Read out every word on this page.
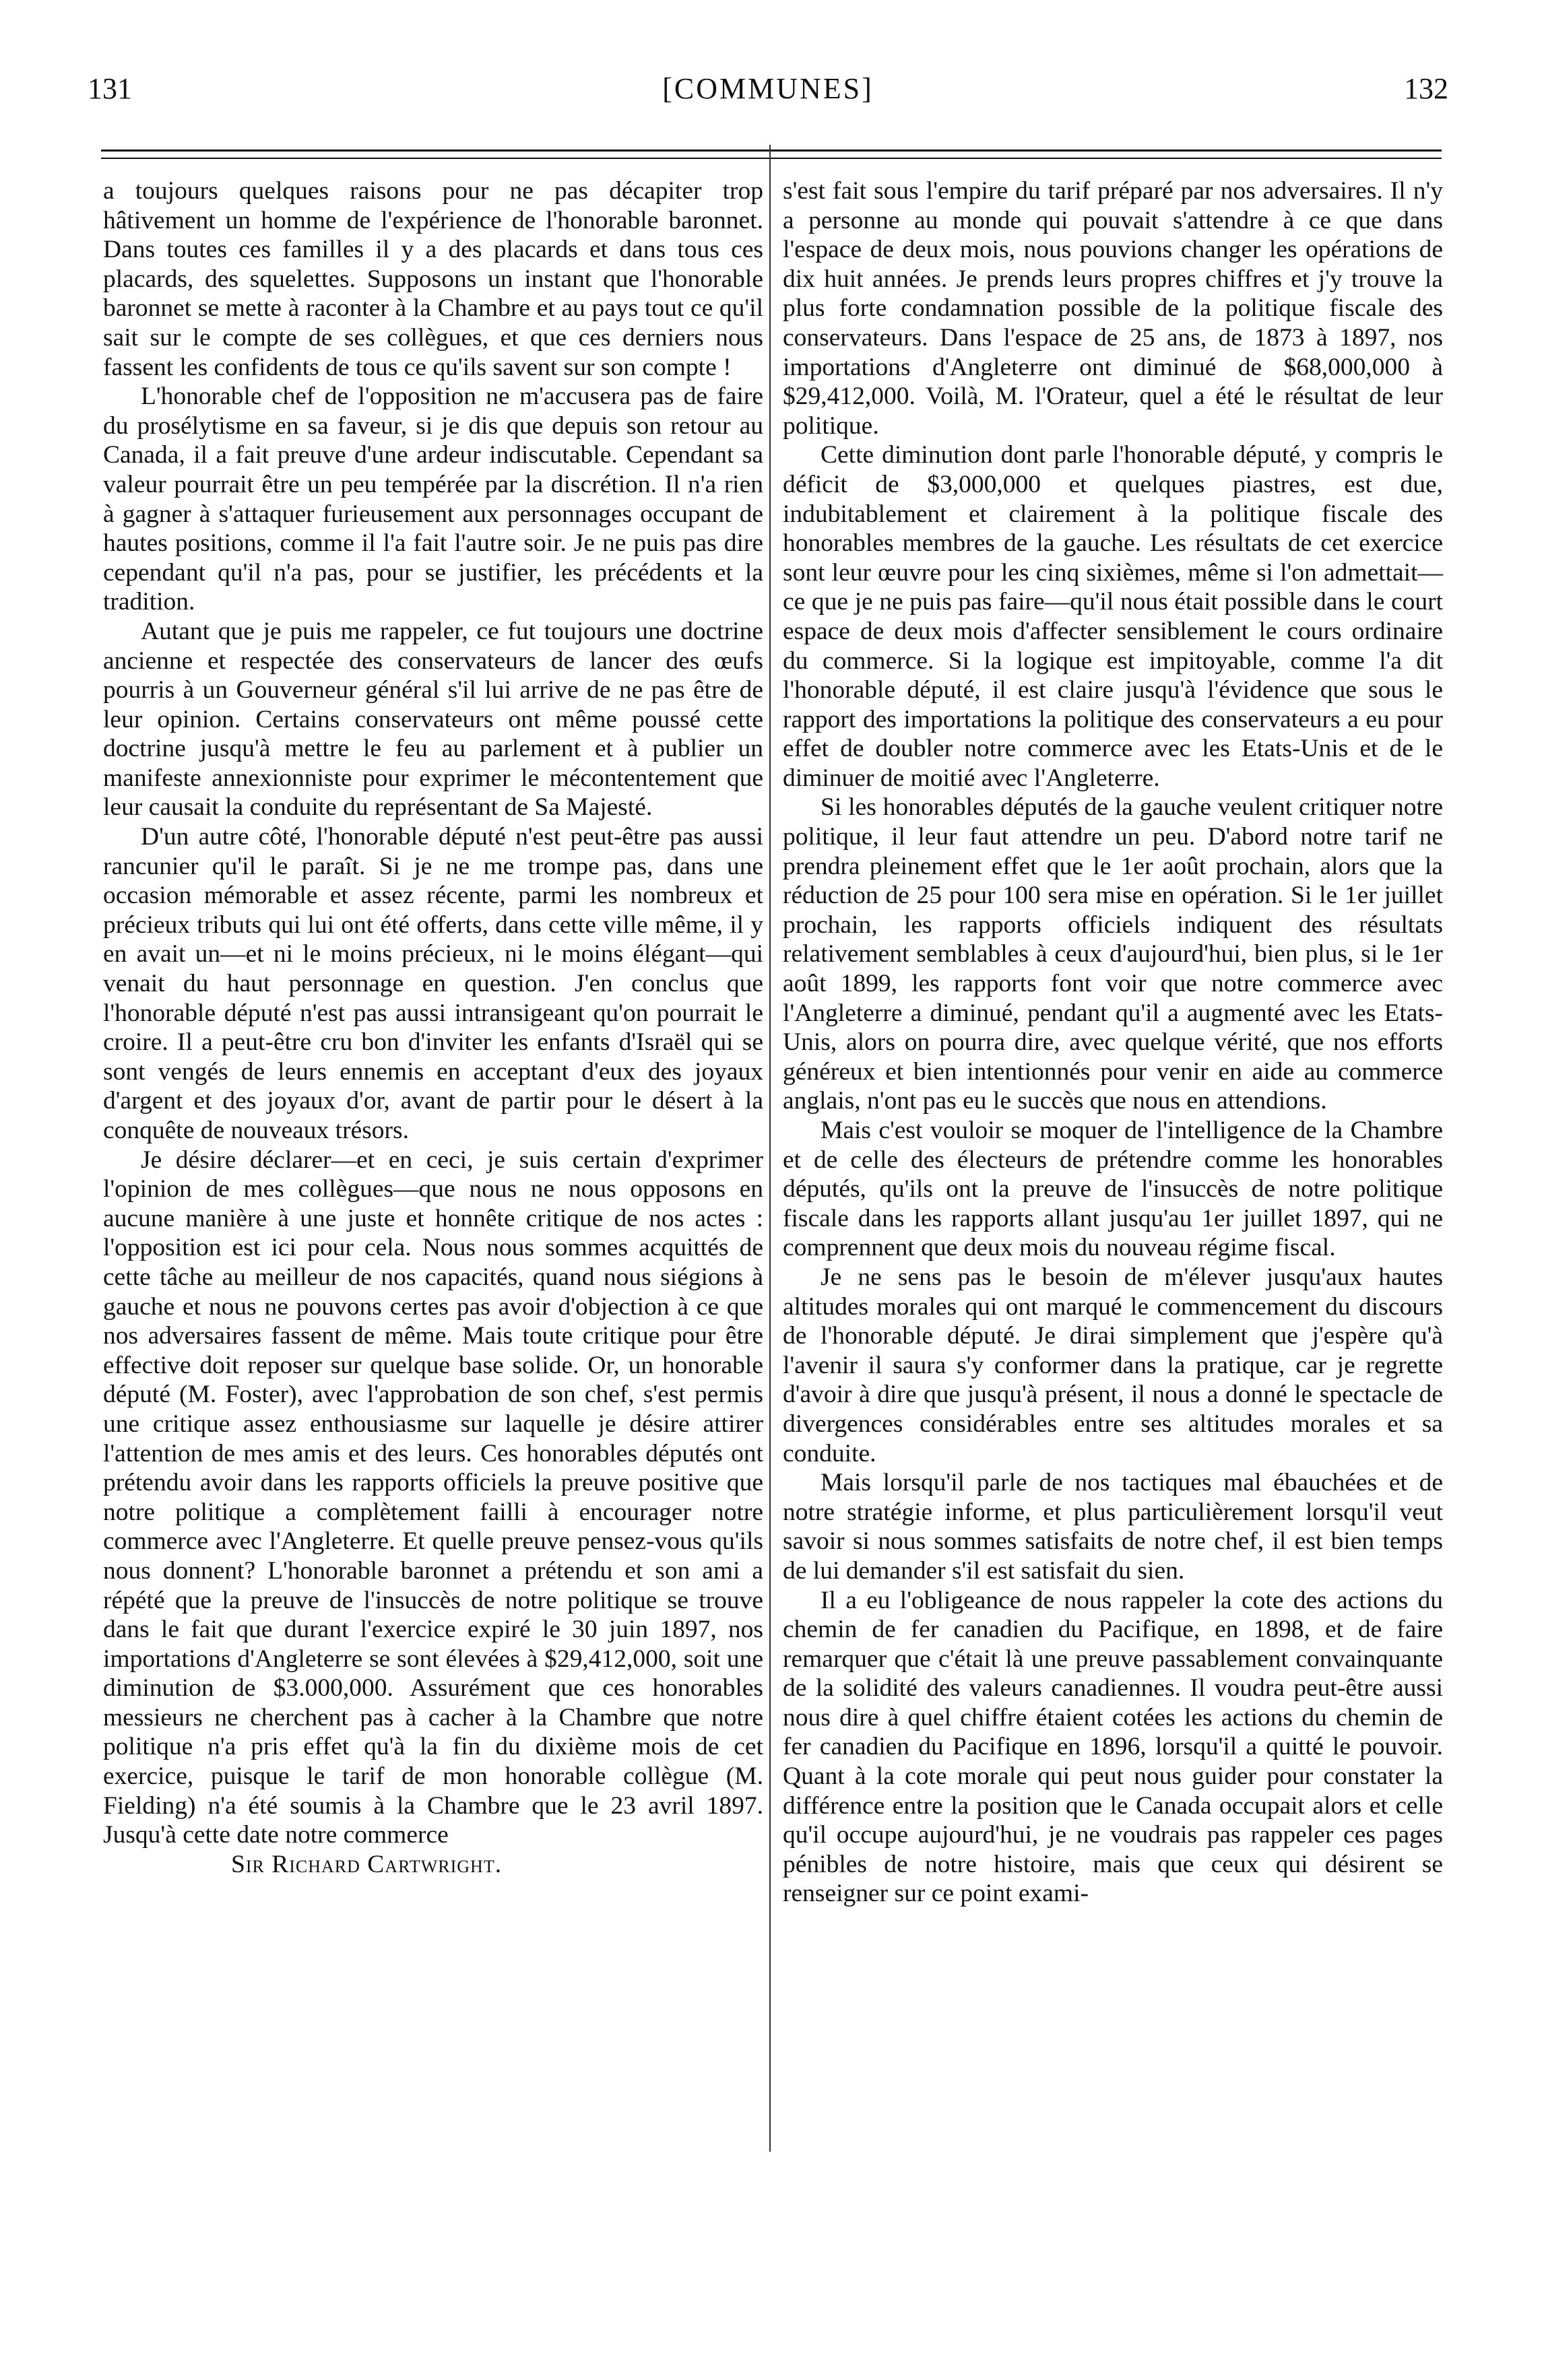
131	[COMMUNES]	132

a toujours quelques raisons pour ne pas décapiter trop hâtivement un homme de l'expérience de l'honorable baronnet. Dans toutes ces familles il y a des placards et dans tous ces placards, des squelettes. Supposons un instant que l'honorable baronnet se mette à raconter à la Chambre et au pays tout ce qu'il sait sur le compte de ses collègues, et que ces derniers nous fassent les confidents de tous ce qu'ils savent sur son compte !

L'honorable chef de l'opposition ne m'accusera pas de faire du prosélytisme en sa faveur, si je dis que depuis son retour au Canada, il a fait preuve d'une ardeur indiscutable. Cependant sa valeur pourrait être un peu tempérée par la discrétion. Il n'a rien à gagner à s'attaquer furieusement aux personnages occupant de hautes positions, comme il l'a fait l'autre soir. Je ne puis pas dire cependant qu'il n'a pas, pour se justifier, les précédents et la tradition.

Autant que je puis me rappeler, ce fut toujours une doctrine ancienne et respectée des conservateurs de lancer des œufs pourris à un Gouverneur général s'il lui arrive de ne pas être de leur opinion. Certains conservateurs ont même poussé cette doctrine jusqu'à mettre le feu au parlement et à publier un manifeste annexionniste pour exprimer le mécontentement que leur causait la conduite du représentant de Sa Majesté.

D'un autre côté, l'honorable député n'est peut-être pas aussi rancunier qu'il le paraît. Si je ne me trompe pas, dans une occasion mémorable et assez récente, parmi les nombreux et précieux tributs qui lui ont été offerts, dans cette ville même, il y en avait un—et ni le moins précieux, ni le moins élégant—qui venait du haut personnage en question. J'en conclus que l'honorable député n'est pas aussi intransigeant qu'on pourrait le croire. Il a peut-être cru bon d'inviter les enfants d'Israël qui se sont vengés de leurs ennemis en acceptant d'eux des joyaux d'argent et des joyaux d'or, avant de partir pour le désert à la conquête de nouveaux trésors.

Je désire déclarer—et en ceci, je suis certain d'exprimer l'opinion de mes collègues—que nous ne nous opposons en aucune manière à une juste et honnête critique de nos actes : l'opposition est ici pour cela. Nous nous sommes acquittés de cette tâche au meilleur de nos capacités, quand nous siégions à gauche et nous ne pouvons certes pas avoir d'objection à ce que nos adversaires fassent de même. Mais toute critique pour être effective doit reposer sur quelque base solide. Or, un honorable député (M. Foster), avec l'approbation de son chef, s'est permis une critique assez enthousiasme sur laquelle je désire attirer l'attention de mes amis et des leurs. Ces honorables députés ont prétendu avoir dans les rapports officiels la preuve positive que notre politique a complètement failli à encourager notre commerce avec l'Angleterre. Et quelle preuve pensez-vous qu'ils nous donnent? L'honorable baronnet a prétendu et son ami a répété que la preuve de l'insuccès de notre politique se trouve dans le fait que durant l'exercice expiré le 30 juin 1897, nos importations d'Angleterre se sont élevées à $29,412,000, soit une diminution de $3.000,000. Assurément que ces honorables messieurs ne cherchent pas à cacher à la Chambre que notre politique n'a pris effet qu'à la fin du dixième mois de cet exercice, puisque le tarif de mon honorable collègue (M. Fielding) n'a été soumis à la Chambre que le 23 avril 1897. Jusqu'à cette date notre commerce

Sir Richard Cartwright.

s'est fait sous l'empire du tarif préparé par nos adversaires. Il n'y a personne au monde qui pouvait s'attendre à ce que dans l'espace de deux mois, nous pouvions changer les opérations de dix huit années. Je prends leurs propres chiffres et j'y trouve la plus forte condamnation possible de la politique fiscale des conservateurs. Dans l'espace de 25 ans, de 1873 à 1897, nos importations d'Angleterre ont diminué de $68,000,000 à $29,412,000. Voilà, M. l'Orateur, quel a été le résultat de leur politique.

Cette diminution dont parle l'honorable député, y compris le déficit de $3,000,000 et quelques piastres, est due, indubitablement et clairement à la politique fiscale des honorables membres de la gauche. Les résultats de cet exercice sont leur œuvre pour les cinq sixièmes, même si l'on admettait—ce que je ne puis pas faire—qu'il nous était possible dans le court espace de deux mois d'affecter sensiblement le cours ordinaire du commerce. Si la logique est impitoyable, comme l'a dit l'honorable député, il est claire jusqu'à l'évidence que sous le rapport des importations la politique des conservateurs a eu pour effet de doubler notre commerce avec les Etats-Unis et de le diminuer de moitié avec l'Angleterre.

Si les honorables députés de la gauche veulent critiquer notre politique, il leur faut attendre un peu. D'abord notre tarif ne prendra pleinement effet que le 1er août prochain, alors que la réduction de 25 pour 100 sera mise en opération. Si le 1er juillet prochain, les rapports officiels indiquent des résultats relativement semblables à ceux d'aujourd'hui, bien plus, si le 1er août 1899, les rapports font voir que notre commerce avec l'Angleterre a diminué, pendant qu'il a augmenté avec les Etats-Unis, alors on pourra dire, avec quelque vérité, que nos efforts généreux et bien intentionnés pour venir en aide au commerce anglais, n'ont pas eu le succès que nous en attendions.

Mais c'est vouloir se moquer de l'intelligence de la Chambre et de celle des électeurs de prétendre comme les honorables députés, qu'ils ont la preuve de l'insuccès de notre politique fiscale dans les rapports allant jusqu'au 1er juillet 1897, qui ne comprennent que deux mois du nouveau régime fiscal.

Je ne sens pas le besoin de m'élever jusqu'aux hautes altitudes morales qui ont marqué le commencement du discours de l'honorable député. Je dirai simplement que j'espère qu'à l'avenir il saura s'y conformer dans la pratique, car je regrette d'avoir à dire que jusqu'à présent, il nous a donné le spectacle de divergences considérables entre ses altitudes morales et sa conduite.

Mais lorsqu'il parle de nos tactiques mal ébauchées et de notre stratégie informe, et plus particulièrement lorsqu'il veut savoir si nous sommes satisfaits de notre chef, il est bien temps de lui demander s'il est satisfait du sien.

Il a eu l'obligeance de nous rappeler la cote des actions du chemin de fer canadien du Pacifique, en 1898, et de faire remarquer que c'était là une preuve passablement convainquante de la solidité des valeurs canadiennes. Il voudra peut-être aussi nous dire à quel chiffre étaient cotées les actions du chemin de fer canadien du Pacifique en 1896, lorsqu'il a quitté le pouvoir. Quant à la cote morale qui peut nous guider pour constater la différence entre la position que le Canada occupait alors et celle qu'il occupe aujourd'hui, je ne voudrais pas rappeler ces pages pénibles de notre histoire, mais que ceux qui désirent se renseigner sur ce point exami-
